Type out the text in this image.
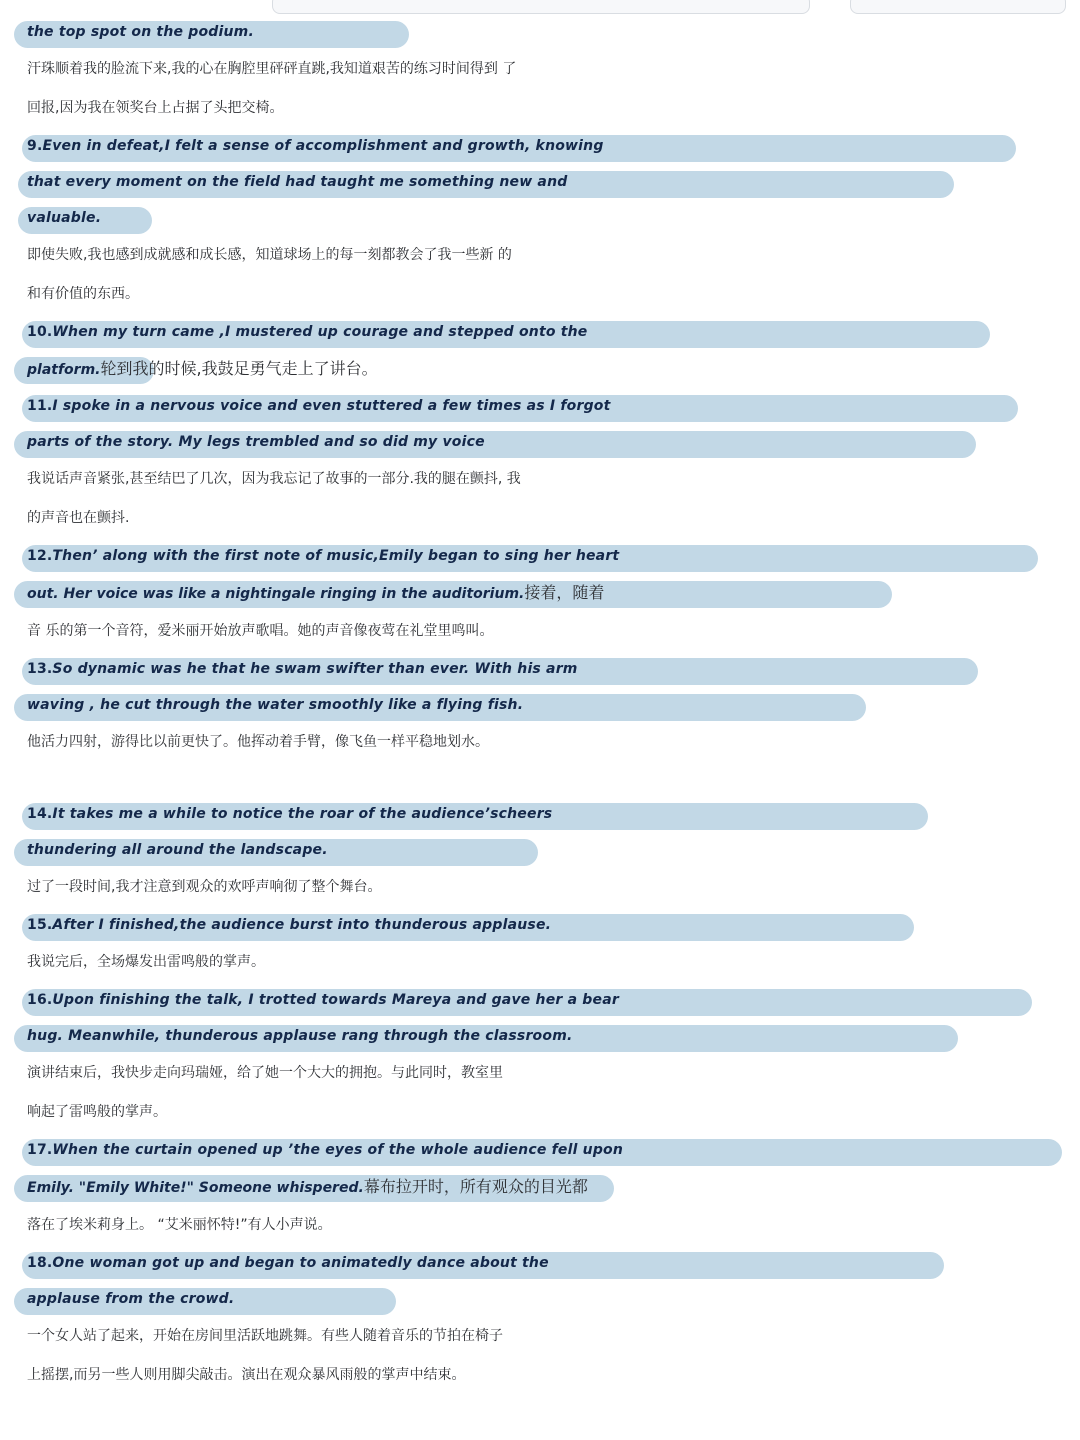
the top spot on the podium.
汗珠顺着我的脸流下来,我的心在胸腔里砰砰直跳,我知道艰苦的练习时间得到 了
回报,因为我在领奖台上占据了头把交椅。
9.Even in defeat,I felt a sense of accomplishment and growth, knowing
that every moment on the field had taught me something new and
valuable.
即使失败,我也感到成就感和成长感，知道球场上的每一刻都教会了我一些新 的
和有价值的东西。
10.When my turn came ,I mustered up courage and stepped onto the
platform.轮到我的时候,我鼓足勇气走上了讲台。
11.I spoke in a nervous voice and even stuttered a few times as I forgot
parts of the story. My legs trembled and so did my voice
我说话声音紧张,甚至结巴了几次，因为我忘记了故事的一部分.我的腿在颤抖, 我
的声音也在颤抖.
12.Then’ along with the first note of music,Emily began to sing her heart
out. Her voice was like a nightingale ringing in the auditorium.接着，随着
音 乐的第一个音符，爱米丽开始放声歌唱。她的声音像夜莺在礼堂里鸣叫。
13.So dynamic was he that he swam swifter than ever. With his arm
waving , he cut through the water smoothly like a flying fish.
他活力四射，游得比以前更快了。他挥动着手臂，像飞鱼一样平稳地划水。
14.It takes me a while to notice the roar of the audience’scheers
thundering all around the landscape.
过了一段时间,我才注意到观众的欢呼声响彻了整个舞台。
15.After I finished,the audience burst into thunderous applause.
我说完后，全场爆发出雷鸣般的掌声。
16.Upon finishing the talk, I trotted towards Mareya and gave her a bear
hug. Meanwhile, thunderous applause rang through the classroom.
演讲结束后，我快步走向玛瑞娅，给了她一个大大的拥抱。与此同时，教室里
响起了雷鸣般的掌声。
17.When the curtain opened up ’the eyes of the whole audience fell upon
Emily. "Emily White!" Someone whispered.幕布拉开时，所有观众的目光都
落在了埃米莉身上。 “艾米丽怀特!”有人小声说。
18.One woman got up and began to animatedly dance about the
applause from the crowd.
一个女人站了起来，开始在房间里活跃地跳舞。有些人随着音乐的节拍在椅子
上摇摆,而另一些人则用脚尖敲击。演出在观众暴风雨般的掌声中结束。
